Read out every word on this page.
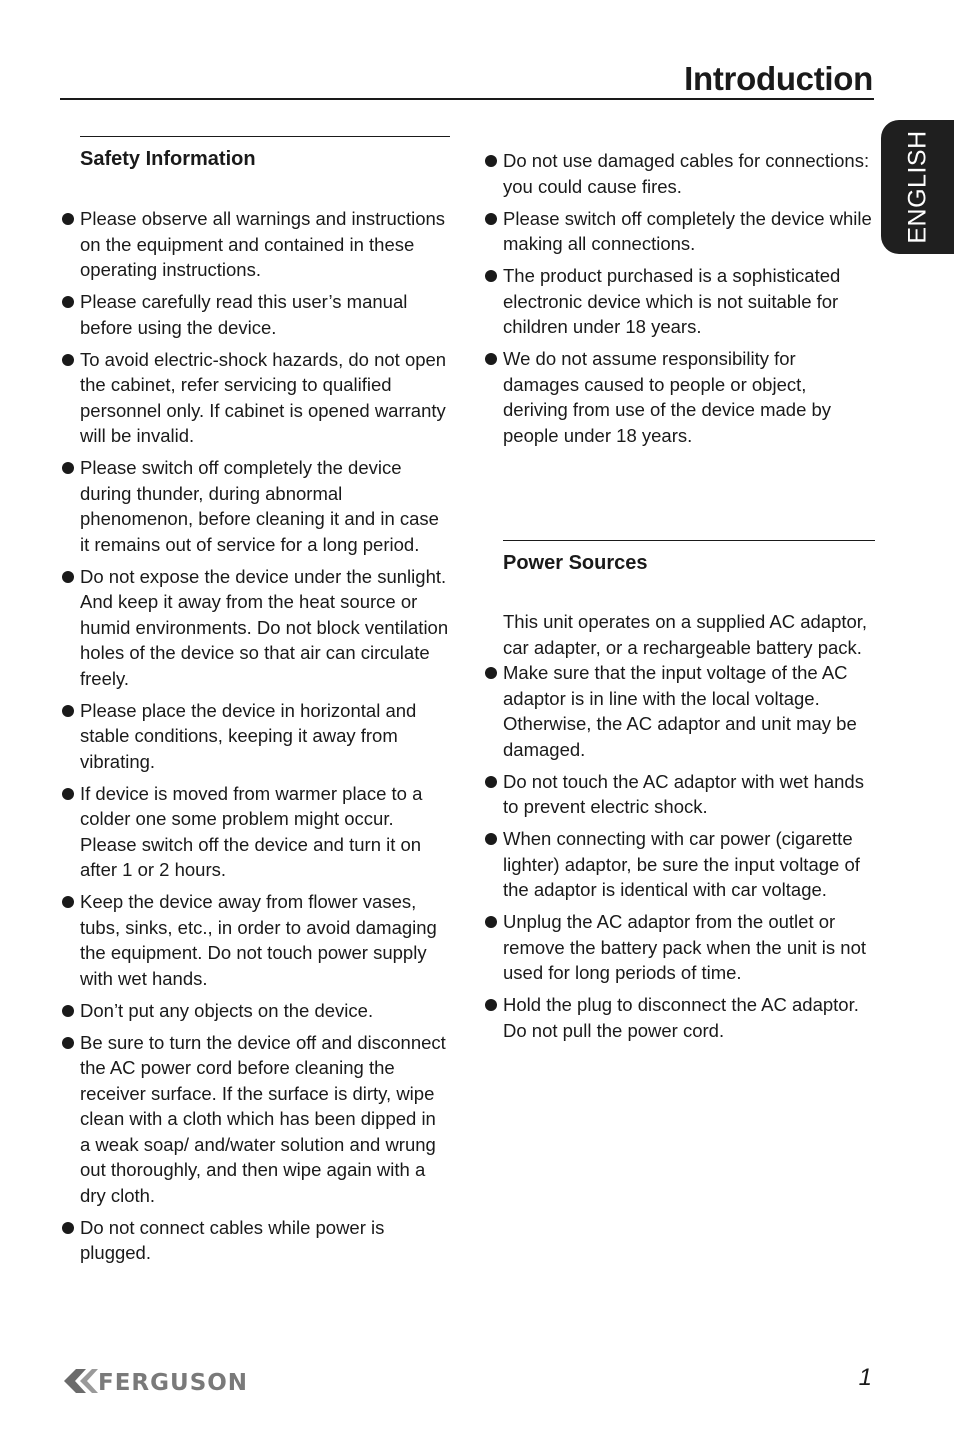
Introduction
ENGLISH
Safety Information
Please observe all warnings and instructions on the equipment and contained in these operating instructions.
Please carefully read this user’s manual before using the device.
To avoid electric-shock hazards, do not open the cabinet, refer servicing to qualified personnel only. If cabinet is opened warranty will be invalid.
Please switch off completely the device during thunder, during abnormal phenomenon, before cleaning it and in case it remains out of service for a long period.
Do not expose the device under the sunlight. And keep it away from the heat source or humid environments. Do not block ventilation holes of the device so that air can circulate freely.
Please place the device in horizontal and stable conditions, keeping it away from vibrating.
If device is moved from warmer place to a colder one some problem might occur. Please switch off the device and turn it on after 1 or 2 hours.
Keep the device away from flower vases, tubs, sinks, etc., in order to avoid damaging the equipment. Do not touch power supply with wet hands.
Don’t put any objects on the device.
Be sure to turn the device off and disconnect the AC power cord before cleaning the receiver surface. If the surface is dirty, wipe clean with a cloth which has been dipped in a weak soap/ and/water solution and wrung out thoroughly, and then wipe again with a dry cloth.
Do not connect cables while power is plugged.
Do not use damaged cables for connections: you could cause fires.
Please switch off completely the device while making all connections.
The product purchased is a sophisticated electronic device which is not suitable for children under 18 years.
We do not assume responsibility for damages caused to people or object, deriving from use of the device made by people under 18 years.
Power Sources

This unit operates on a supplied AC adaptor, car adapter, or a rechargeable battery pack.

Make sure that the input voltage of the AC adaptor is in line with the local voltage. Otherwise, the AC adaptor and unit may be damaged.
Do not touch the AC adaptor with wet hands to prevent electric shock.
When connecting with car power (cigarette lighter) adaptor, be sure the input voltage of the adaptor is identical with car voltage.
Unplug the AC adaptor from the outlet or remove the battery pack when the unit is not used for long periods of time.
Hold the plug to disconnect the AC adaptor. Do not pull the power cord.
FERGUSON	1
